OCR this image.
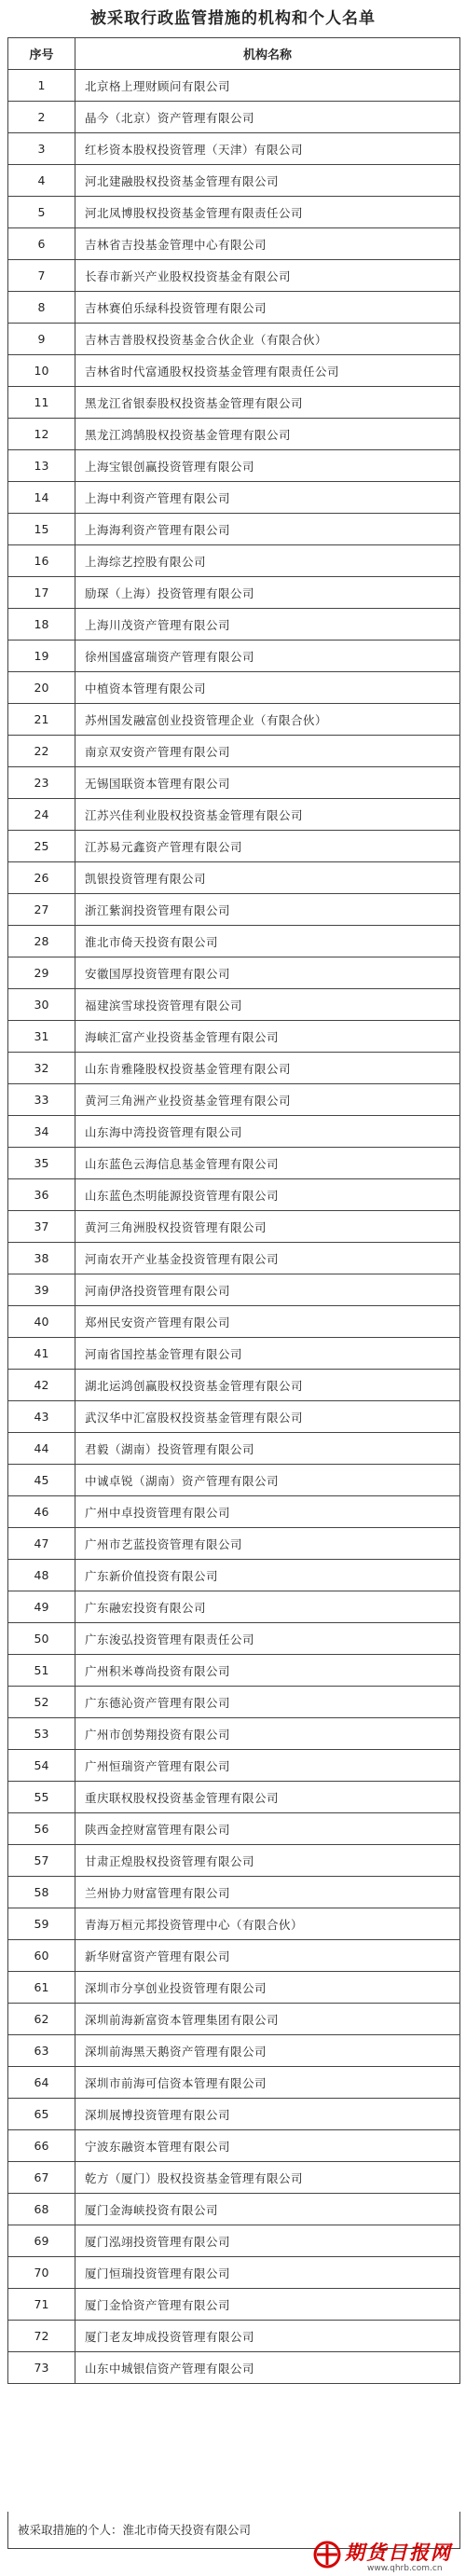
被采取行政监管措施的机构和个人名单
序号	机构名称
1	北京格上理财顾问有限公司
2	晶今（北京）资产管理有限公司
3	红杉资本股权投资管理（天津）有限公司
4	河北建融股权投资基金管理有限公司
5	河北凤博股权投资基金管理有限责任公司
6	吉林省吉投基金管理中心有限公司
7	长春市新兴产业股权投资基金有限公司
8	吉林赛伯乐绿科投资管理有限公司
9	吉林吉普股权投资基金合伙企业（有限合伙）
10	吉林省时代富通股权投资基金管理有限责任公司
11	黑龙江省银泰股权投资基金管理有限公司
12	黑龙江鸿鹄股权投资基金管理有限公司
13	上海宝银创赢投资管理有限公司
14	上海中利资产管理有限公司
15	上海海利资产管理有限公司
16	上海综艺控股有限公司
17	励琛（上海）投资管理有限公司
18	上海川茂资产管理有限公司
19	徐州国盛富瑞资产管理有限公司
20	中植资本管理有限公司
21	苏州国发融富创业投资管理企业（有限合伙）
22	南京双安资产管理有限公司
23	无锡国联资本管理有限公司
24	江苏兴佳利业股权投资基金管理有限公司
25	江苏易元鑫资产管理有限公司
26	凯银投资管理有限公司
27	浙江紫润投资管理有限公司
28	淮北市倚天投资有限公司
29	安徽国厚投资管理有限公司
30	福建滨雪球投资管理有限公司
31	海峡汇富产业投资基金管理有限公司
32	山东肯雅隆股权投资基金管理有限公司
33	黄河三角洲产业投资基金管理有限公司
34	山东海中湾投资管理有限公司
35	山东蓝色云海信息基金管理有限公司
36	山东蓝色杰明能源投资管理有限公司
37	黄河三角洲股权投资管理有限公司
38	河南农开产业基金投资管理有限公司
39	河南伊洛投资管理有限公司
40	郑州民安资产管理有限公司
41	河南省国控基金管理有限公司
42	湖北运鸿创赢股权投资基金管理有限公司
43	武汉华中汇富股权投资基金管理有限公司
44	君毅（湖南）投资管理有限公司
45	中诚卓锐（湖南）资产管理有限公司
46	广州中卓投资管理有限公司
47	广州市艺蓝投资管理有限公司
48	广东新价值投资有限公司
49	广东融宏投资有限公司
50	广东浚弘投资管理有限责任公司
51	广州积米尊尚投资有限公司
52	广东德沁资产管理有限公司
53	广州市创势翔投资有限公司
54	广州恒瑞资产管理有限公司
55	重庆联权股权投资基金管理有限公司
56	陕西金控财富管理有限公司
57	甘肃正煌股权投资管理有限公司
58	兰州协力财富管理有限公司
59	青海万桓元邦投资管理中心（有限合伙）
60	新华财富资产管理有限公司
61	深圳市分享创业投资管理有限公司
62	深圳前海新富资本管理集团有限公司
63	深圳前海黑天鹅资产管理有限公司
64	深圳市前海可信资本管理有限公司
65	深圳展博投资管理有限公司
66	宁波东融资本管理有限公司
67	乾方（厦门）股权投资基金管理有限公司
68	厦门金海峡投资有限公司
69	厦门泓翊投资管理有限公司
70	厦门恒瑞投资管理有限公司
71	厦门金恰资产管理有限公司
72	厦门老友坤成投资管理有限公司
73	山东中城银信资产管理有限公司
被采取措施的个人：淮北市倚天投资有限公司
期货日报网
www.qhrb.com.cn
